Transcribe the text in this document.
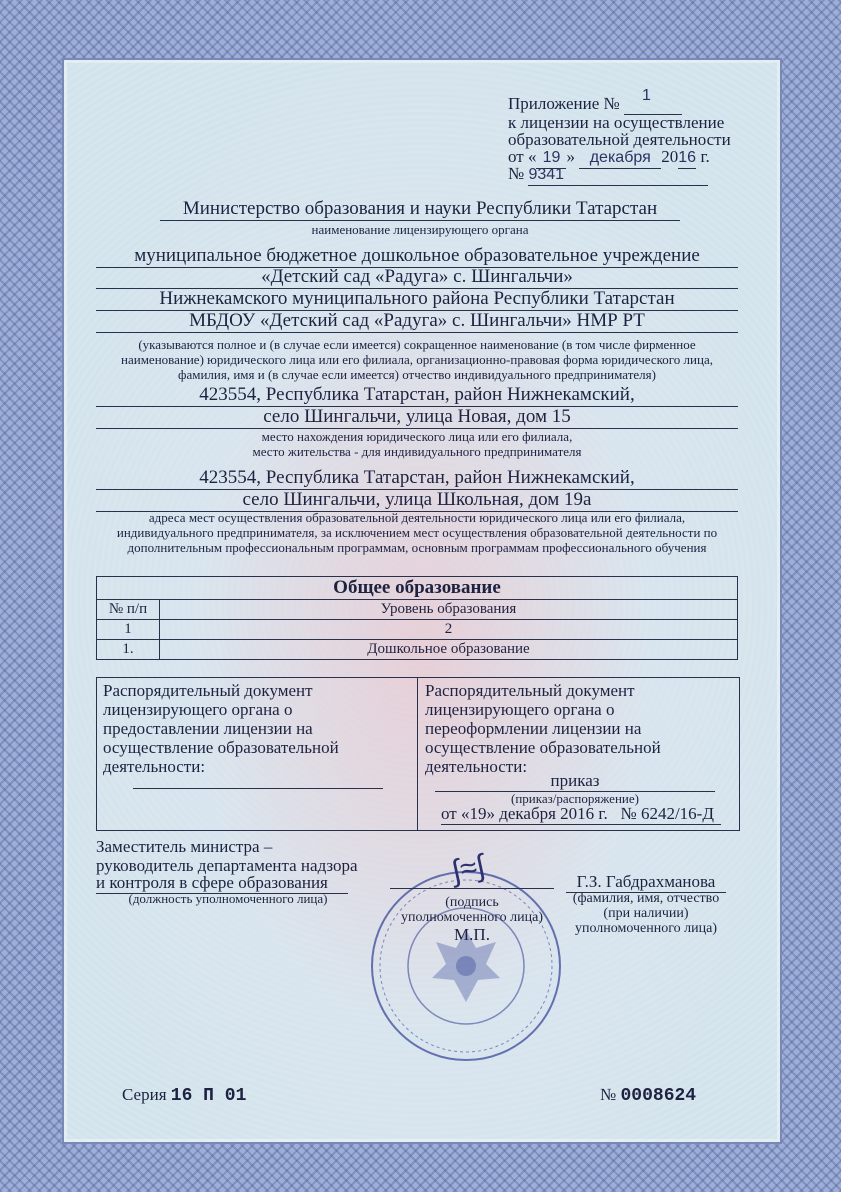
Приложение № 1

к лицензии на осуществление
образовательной деятельности
от « 19 » декабря 2016 г.
№ 9341
Министерство образования и науки Республики Татарстан
наименование лицензирующего органа
муниципальное бюджетное дошкольное образовательное учреждение
«Детский сад «Радуга» с. Шингальчи»
Нижнекамского муниципального района Республики Татарстан
МБДОУ «Детский сад «Радуга» с. Шингальчи» НМР РТ
(указываются полное и (в случае если имеется) сокращенное наименование (в том числе фирменное наименование) юридического лица или его филиала, организационно-правовая форма юридического лица, фамилия, имя и (в случае если имеется) отчество индивидуального предпринимателя)
423554, Республика Татарстан, район Нижнекамский,
село Шингальчи, улица Новая, дом 15
место нахождения юридического лица или его филиала,
место жительства - для индивидуального предпринимателя
423554, Республика Татарстан, район Нижнекамский,
село Шингальчи, улица Школьная, дом 19а
адреса мест осуществления образовательной деятельности юридического лица или его филиала, индивидуального предпринимателя, за исключением мест осуществления образовательной деятельности по дополнительным профессиональным программам, основным программам профессионального обучения
Общее образование	
№ п/п	Уровень образования
1	2
1.	Дошкольное образование
Распорядительный документ лицензирующего органа о предоставлении лицензии на осуществление образовательной деятельности:
Распорядительный документ лицензирующего органа о переоформлении лицензии на осуществление образовательной деятельности:
приказ
(приказ/распоряжение)
от «19» декабря 2016 г. № 6242/16-Д
Заместитель министра –
руководитель департамента надзора
и контроля в сфере образования
(должность уполномоченного лица)
∫≈∫
(подпись
уполномоченного лица)
М.П.
Г.З. Габдрахманова
(фамилия, имя, отчество
(при наличии)
уполномоченного лица)
Серия 16 П 01	№ 0008624
